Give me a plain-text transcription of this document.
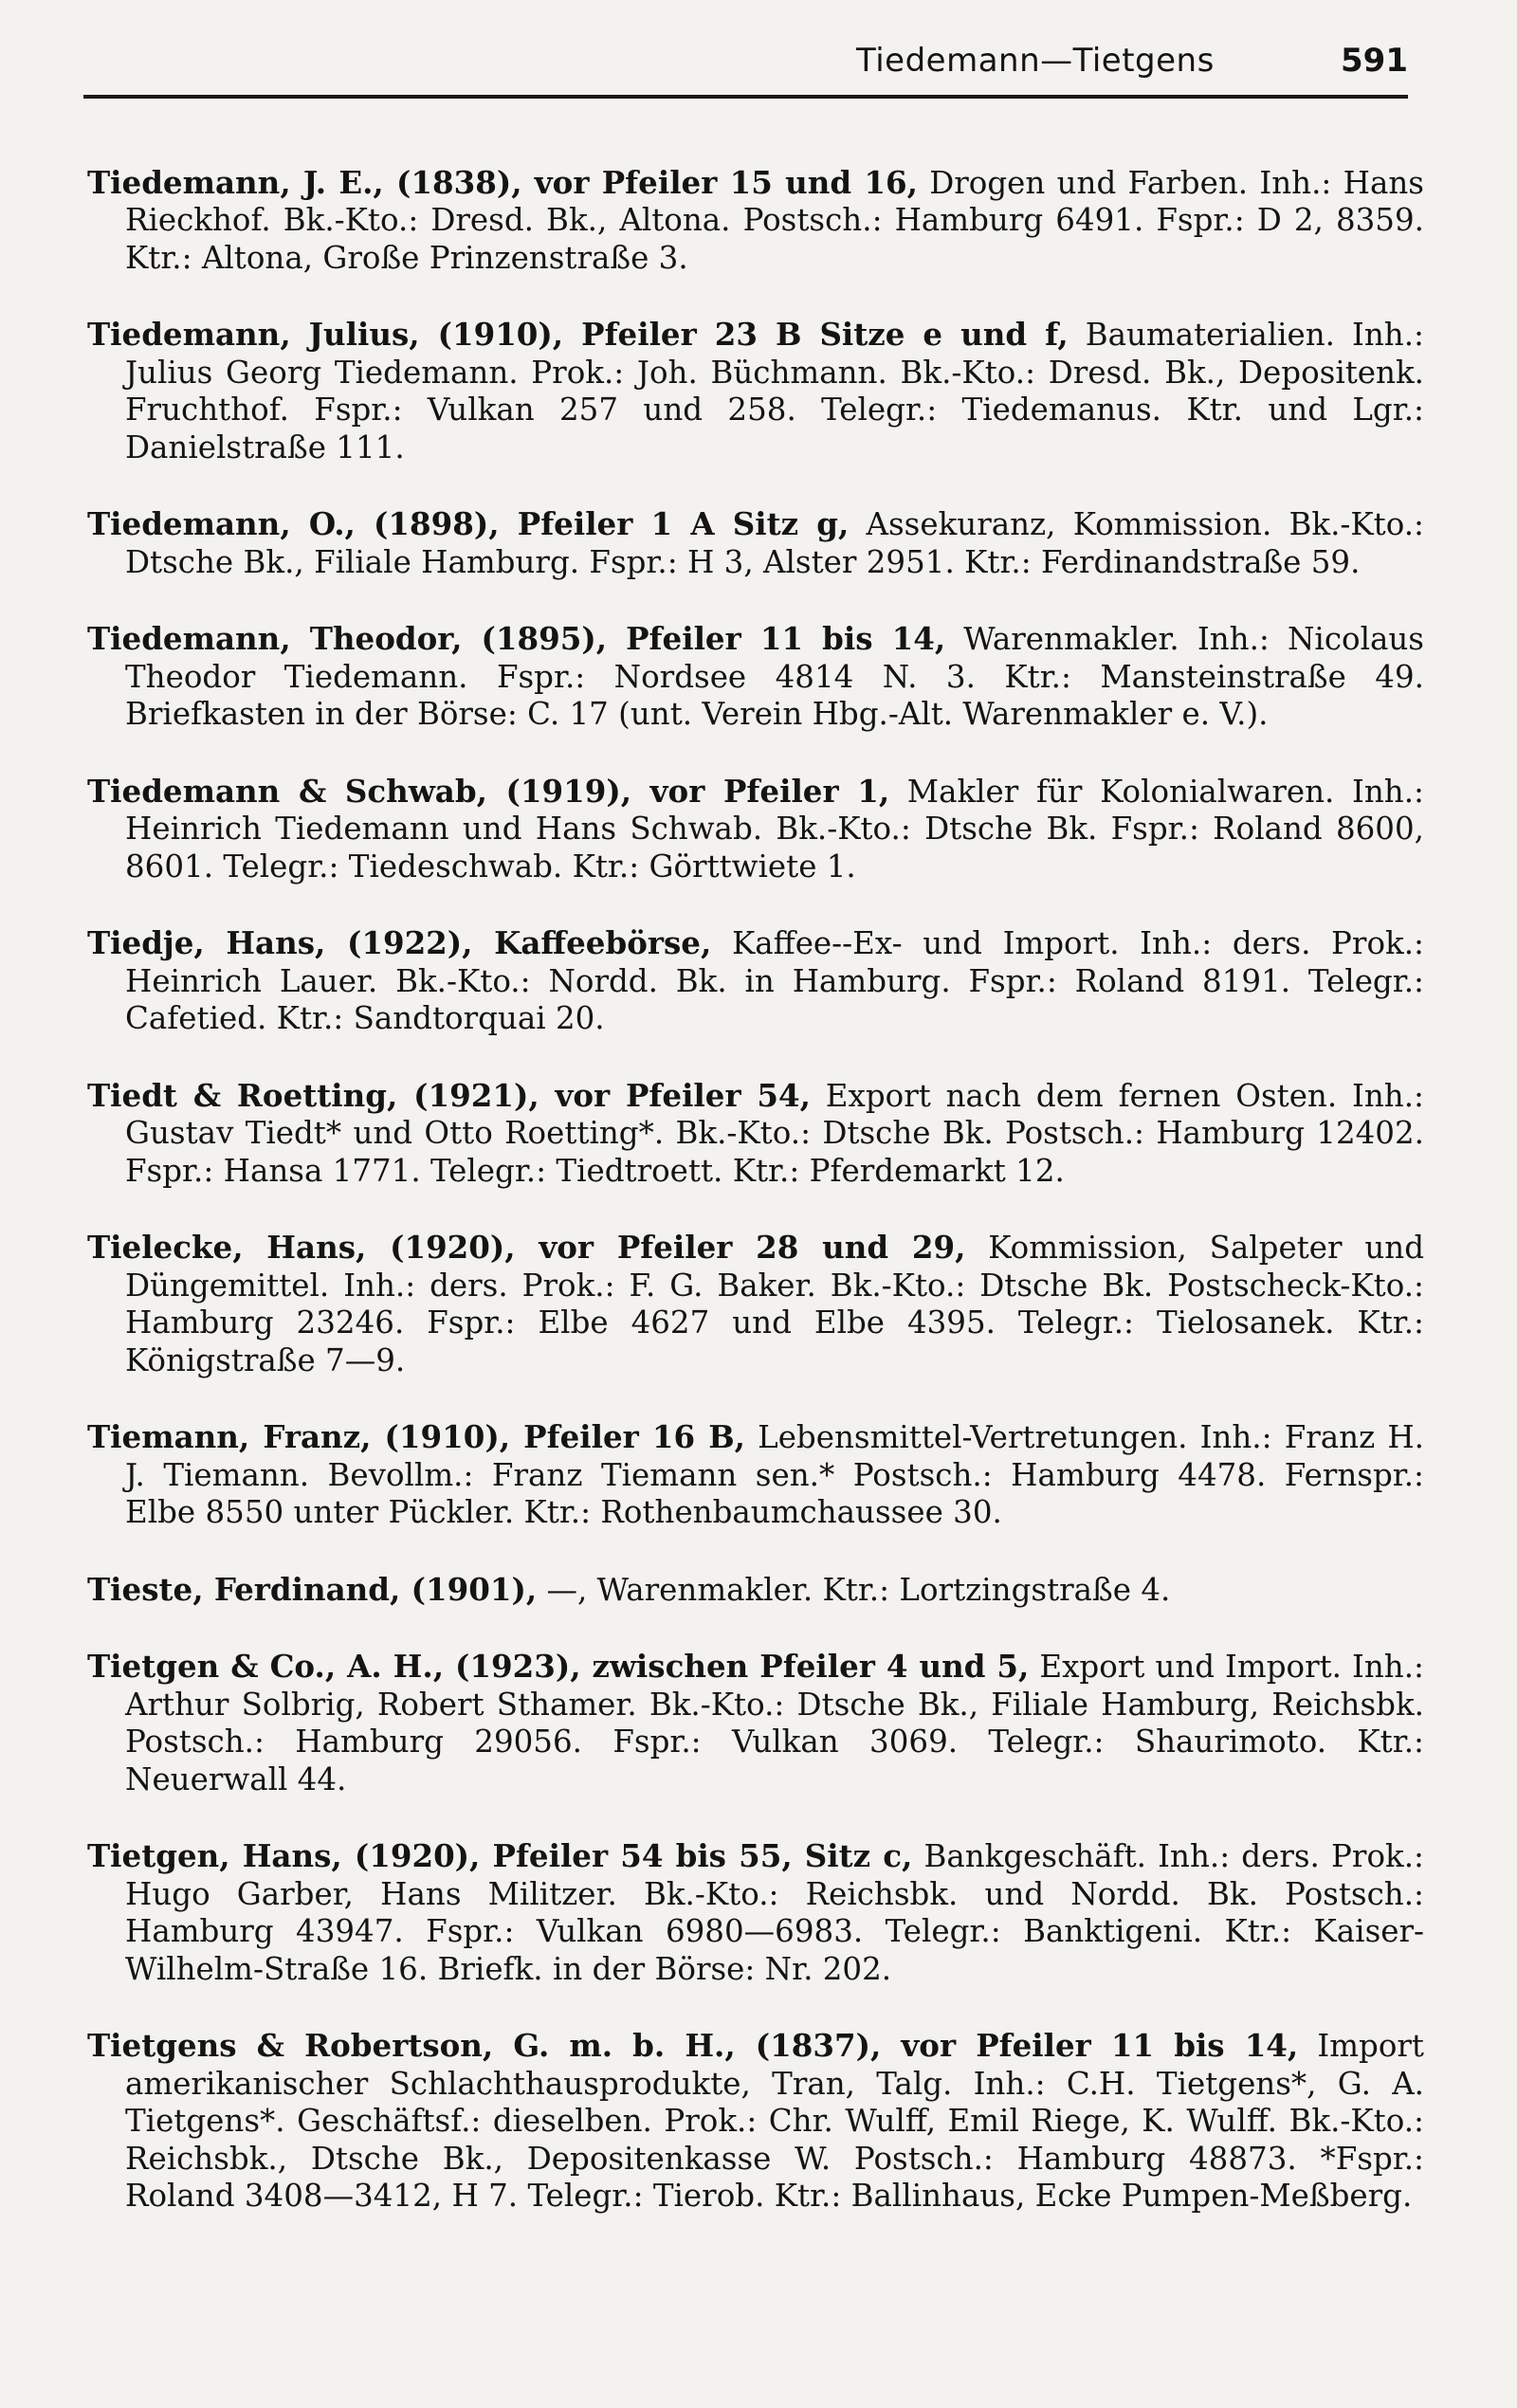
Tiedemann—Tietgens	591

Tiedemann, J. E., (1838), vor Pfeiler 15 und 16, Drogen und Farben. Inh.: Hans Rieckhof. Bk.-Kto.: Dresd. Bk., Altona. Postsch.: Hamburg 6491. Fspr.: D 2, 8359. Ktr.: Altona, Große Prinzenstraße 3.

Tiedemann, Julius, (1910), Pfeiler 23 B Sitze e und f, Baumaterialien. Inh.: Julius Georg Tiedemann. Prok.: Joh. Büchmann. Bk.-Kto.: Dresd. Bk., Depositenk. Fruchthof. Fspr.: Vulkan 257 und 258. Telegr.: Tiedemanus. Ktr. und Lgr.: Danielstraße 111.

Tiedemann, O., (1898), Pfeiler 1 A Sitz g, Assekuranz, Kommission. Bk.-Kto.: Dtsche Bk., Filiale Hamburg. Fspr.: H 3, Alster 2951. Ktr.: Ferdinandstraße 59.

Tiedemann, Theodor, (1895), Pfeiler 11 bis 14, Warenmakler. Inh.: Nicolaus Theodor Tiedemann. Fspr.: Nordsee 4814 N. 3. Ktr.: Mansteinstraße 49. Briefkasten in der Börse: C. 17 (unt. Verein Hbg.-Alt. Warenmakler e. V.).

Tiedemann & Schwab, (1919), vor Pfeiler 1, Makler für Kolonialwaren. Inh.: Heinrich Tiedemann und Hans Schwab. Bk.-Kto.: Dtsche Bk. Fspr.: Roland 8600, 8601. Telegr.: Tiedeschwab. Ktr.: Görttwiete 1.

Tiedje, Hans, (1922), Kaffeebörse, Kaffee--Ex- und Import. Inh.: ders. Prok.: Heinrich Lauer. Bk.-Kto.: Nordd. Bk. in Hamburg. Fspr.: Roland 8191. Telegr.: Cafetied. Ktr.: Sandtorquai 20.

Tiedt & Roetting, (1921), vor Pfeiler 54, Export nach dem fernen Osten. Inh.: Gustav Tiedt* und Otto Roetting*. Bk.-Kto.: Dtsche Bk. Postsch.: Hamburg 12402. Fspr.: Hansa 1771. Telegr.: Tiedtroett. Ktr.: Pferdemarkt 12.

Tielecke, Hans, (1920), vor Pfeiler 28 und 29, Kommission, Salpeter und Düngemittel. Inh.: ders. Prok.: F. G. Baker. Bk.-Kto.: Dtsche Bk. Postscheck-Kto.: Hamburg 23246. Fspr.: Elbe 4627 und Elbe 4395. Telegr.: Tielosanek. Ktr.: Königstraße 7—9.

Tiemann, Franz, (1910), Pfeiler 16 B, Lebensmittel-Vertretungen. Inh.: Franz H. J. Tiemann. Bevollm.: Franz Tiemann sen.* Postsch.: Hamburg 4478. Fernspr.: Elbe 8550 unter Pückler. Ktr.: Rothenbaumchaussee 30.

Tieste, Ferdinand, (1901), —, Warenmakler. Ktr.: Lortzingstraße 4.

Tietgen & Co., A. H., (1923), zwischen Pfeiler 4 und 5, Export und Import. Inh.: Arthur Solbrig, Robert Sthamer. Bk.-Kto.: Dtsche Bk., Filiale Hamburg, Reichsbk. Postsch.: Hamburg 29056. Fspr.: Vulkan 3069. Telegr.: Shaurimoto. Ktr.: Neuerwall 44.

Tietgen, Hans, (1920), Pfeiler 54 bis 55, Sitz c, Bankgeschäft. Inh.: ders. Prok.: Hugo Garber, Hans Militzer. Bk.-Kto.: Reichsbk. und Nordd. Bk. Postsch.: Hamburg 43947. Fspr.: Vulkan 6980—6983. Telegr.: Banktigeni. Ktr.: Kaiser-Wilhelm-Straße 16. Briefk. in der Börse: Nr. 202.

Tietgens & Robertson, G. m. b. H., (1837), vor Pfeiler 11 bis 14, Import amerikanischer Schlachthausprodukte, Tran, Talg. Inh.: C.H. Tietgens*, G. A. Tietgens*. Geschäftsf.: dieselben. Prok.: Chr. Wulff, Emil Riege, K. Wulff. Bk.-Kto.: Reichsbk., Dtsche Bk., Depositenkasse W. Postsch.: Hamburg 48873. *Fspr.: Roland 3408—3412, H 7. Telegr.: Tierob. Ktr.: Ballinhaus, Ecke Pumpen-Meßberg.
